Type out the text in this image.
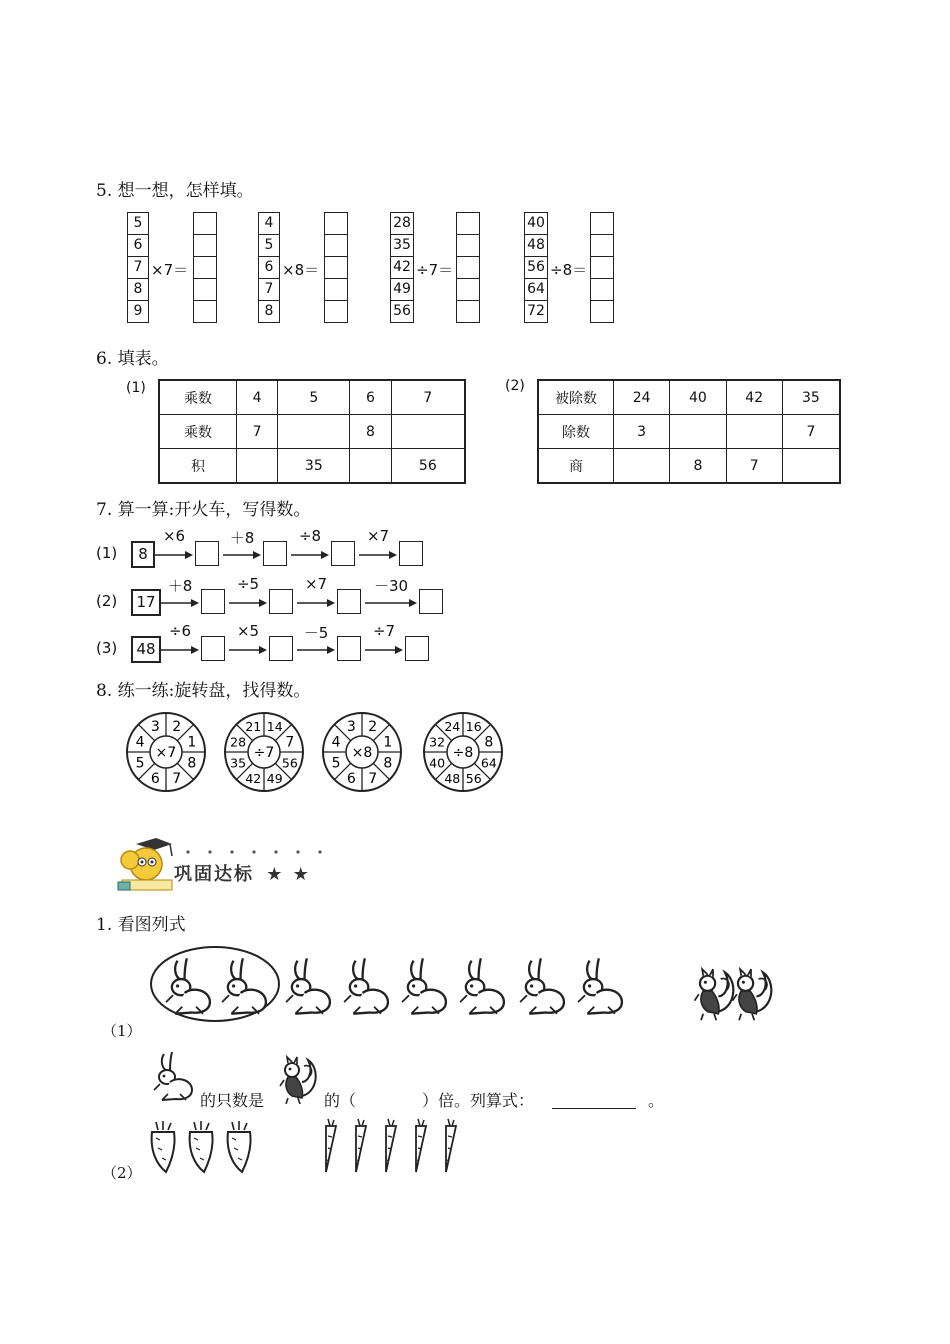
5. 想一想，怎样填。
5
6
7
8
9
×7＝
4
5
6
7
8
×8＝
28
35
42
49
56
÷7＝
40
48
56
64
72
÷8＝
6. 填表。
(1)
乘数	4	5	6	7
乘数	7		8	
积		35		56
(2)
被除数	24	40	42	35
除数	3			7
商		8	7	
7. 算一算:开火车，写得数。
(1)	8
×6	＋8	÷8	×7
(2)	17
＋8	÷5	×7	－30
(3)	48
÷6	×5	－5	÷7
8. 练一练:旋转盘，找得数。
×7
2
1
8
7
6
5
4
3
÷7
14
7
56
49
42
35
28
21
×8
2
1
8
7
6
5
4
3
÷8
16
8
64
56
48
40
32
24
巩固达标 ★ ★
1. 看图列式
（1）
的只数是	的（	）倍。列算式：	。
（2）
